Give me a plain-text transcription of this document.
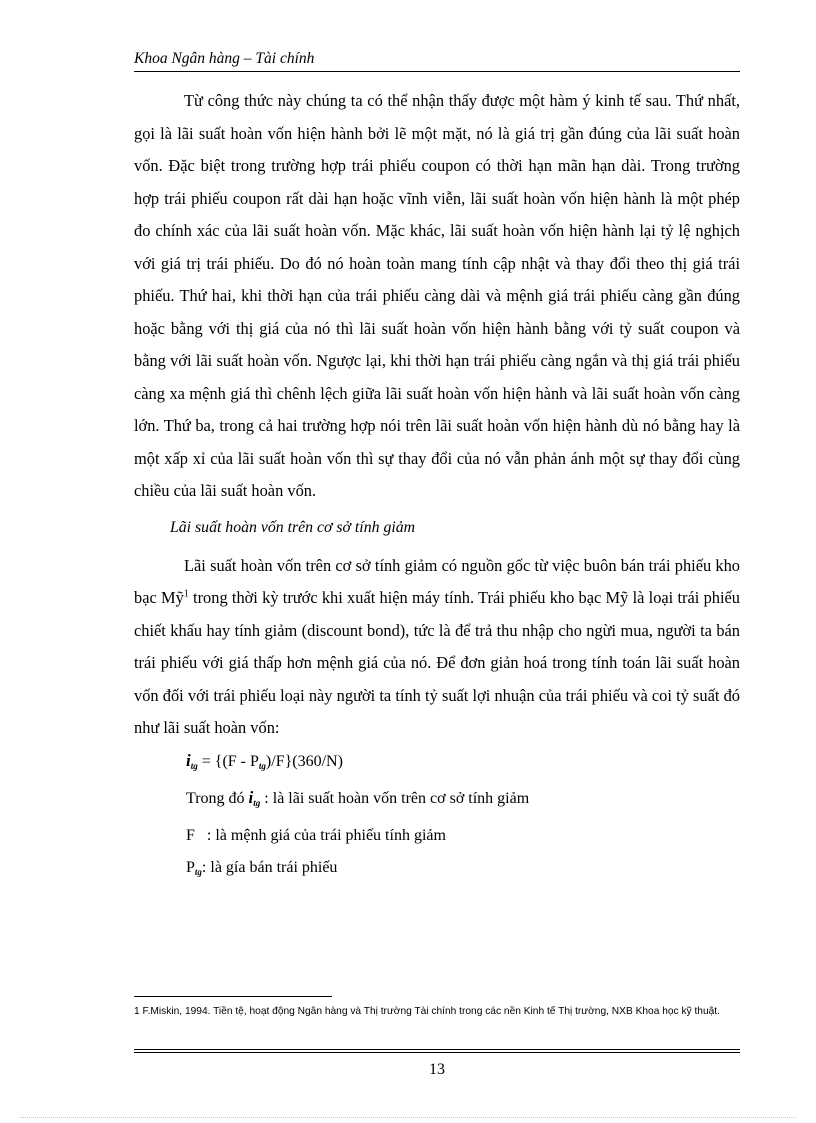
Khoa Ngân hàng – Tài chính

Từ công thức này chúng ta có thể nhận thấy được một hàm ý kinh tế sau. Thứ nhất, gọi là lãi suất hoàn vốn hiện hành bởi lẽ một mặt, nó là giá trị gần đúng của lãi suất hoàn vốn. Đặc biệt trong trường hợp trái phiếu coupon có thời hạn mãn hạn dài. Trong trường hợp trái phiếu coupon rất dài hạn hoặc vĩnh viễn, lãi suất hoàn vốn hiện hành là một phép đo chính xác của lãi suất hoàn vốn. Mặc khác, lãi suất hoàn vốn hiện hành lại tỷ lệ nghịch với giá trị trái phiếu. Do đó nó hoàn toàn mang tính cập nhật và thay đổi theo thị giá trái phiếu. Thứ hai, khi thời hạn của trái phiếu càng dài và mệnh giá trái phiếu càng gần đúng hoặc bằng với thị giá của nó thì lãi suất hoàn vốn hiện hành bằng với tỷ suất coupon và bằng với lãi suất hoàn vốn. Ngược lại, khi thời hạn trái phiếu càng ngắn và thị giá trái phiếu càng xa mệnh giá thì chênh lệch giữa lãi suất hoàn vốn hiện hành và lãi suất hoàn vốn càng lớn. Thứ ba, trong cả hai trường hợp nói trên lãi suất hoàn vốn hiện hành dù nó bằng hay là một xấp xỉ của lãi suất hoàn vốn thì sự thay đổi của nó vẫn phản ánh một sự thay đổi cùng chiều của lãi suất hoàn vốn.

Lãi suất hoàn vốn trên cơ sở tính giảm

Lãi suất hoàn vốn trên cơ sở tính giảm có nguồn gốc từ việc buôn bán trái phiếu kho bạc Mỹ$^1$ trong thời kỳ trước khi xuất hiện máy tính. Trái phiếu kho bạc Mỹ là loại trái phiếu chiết khấu hay tính giảm (discount bond), tức là để trả thu nhập cho ngừi mua, người ta bán trái phiếu với giá thấp hơn mệnh giá của nó. Để đơn giản hoá trong tính toán lãi suất hoàn vốn đối với trái phiếu loại này người ta tính tỷ suất lợi nhuận của trái phiếu và coi tỷ suất đó như lãi suất hoàn vốn:

itg = {(F - Ptg)/F}(360/N)

Trong đó itg : là lãi suất hoàn vốn trên cơ sở tính giảm

F   : là mệnh giá của trái phiếu tính giảm

Ptg: là gía bán trái phiếu

1 F.Miskin, 1994. Tiền tệ, hoạt động Ngân hàng và Thị trường Tài chính trong các nền Kinh tế Thị trường, NXB Khoa học kỹ thuật.
13
